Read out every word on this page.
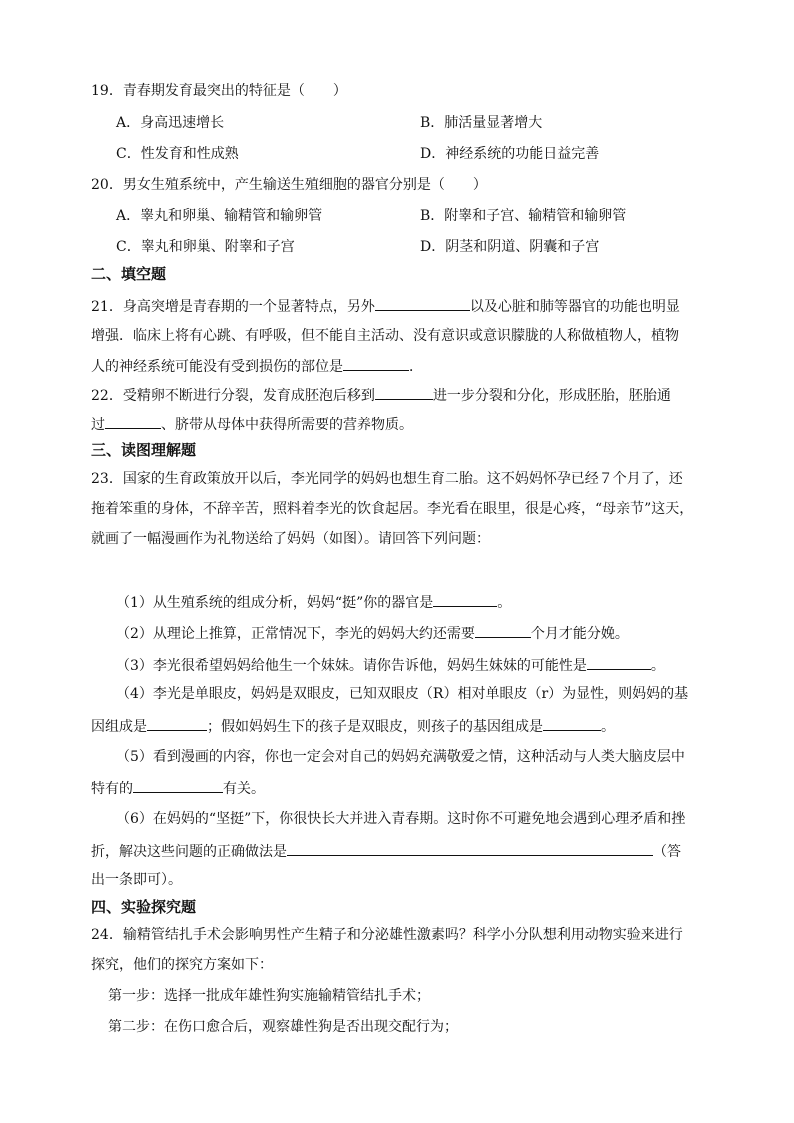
19．青春期发育最突出的特征是（　　）
A．身高迅速增长	B．肺活量显著增大
C．性发育和性成熟	D．神经系统的功能日益完善
20．男女生殖系统中，产生输送生殖细胞的器官分别是（　　）
A．睾丸和卵巢、输精管和输卵管	B．附睾和子宫、输精管和输卵管
C．睾丸和卵巢、附睾和子宫	D．阴茎和阴道、阴囊和子宫
二、填空题
21．身高突增是青春期的一个显著特点，另外	以及心脏和肺等器官的功能也明显
增强．临床上将有心跳、有呼吸，但不能自主活动、没有意识或意识朦胧的人称做植物人，植物
人的神经系统可能没有受到损伤的部位是	．
22．受精卵不断进行分裂，发育成胚泡后移到	进一步分裂和分化，形成胚胎，胚胎通
过	、脐带从母体中获得所需要的营养物质。
三、读图理解题
23．国家的生育政策放开以后，李光同学的妈妈也想生育二胎。这不妈妈怀孕已经７个月了，还
拖着笨重的身体，不辞辛苦，照料着李光的饮食起居。李光看在眼里，很是心疼，“母亲节”这天，
就画了一幅漫画作为礼物送给了妈妈（如图）。请回答下列问题：
（1）从生殖系统的组成分析，妈妈“挺”你的器官是	。
（2）从理论上推算，正常情况下，李光的妈妈大约还需要	个月才能分娩。
（3）李光很希望妈妈给他生一个妹妹。请你告诉他，妈妈生妹妹的可能性是	。
（4）李光是单眼皮，妈妈是双眼皮，已知双眼皮（R）相对单眼皮（r）为显性，则妈妈的基
因组成是	；假如妈妈生下的孩子是双眼皮，则孩子的基因组成是	。
（5）看到漫画的内容，你也一定会对自己的妈妈充满敬爱之情，这种活动与人类大脑皮层中
特有的	有关。
（6）在妈妈的“坚挺”下，你很快长大并进入青春期。这时你不可避免地会遇到心理矛盾和挫
折，解决这些问题的正确做法是	（答
出一条即可）。
四、实验探究题
24．输精管结扎手术会影响男性产生精子和分泌雄性激素吗？科学小分队想利用动物实验来进行
探究，他们的探究方案如下：
第一步：选择一批成年雄性狗实施输精管结扎手术；
第二步：在伤口愈合后，观察雄性狗是否出现交配行为；
